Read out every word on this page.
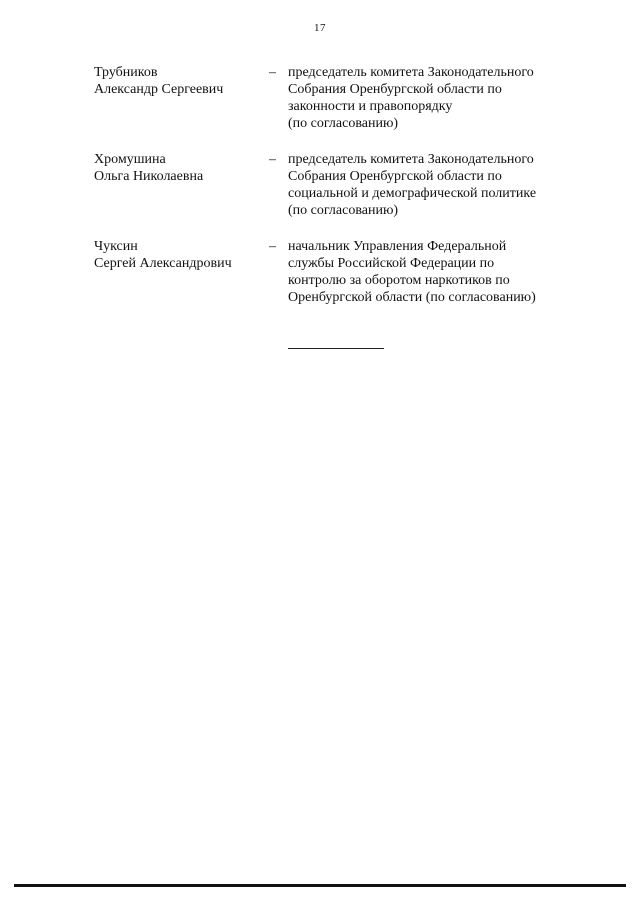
17
Трубников
Александр Сергеевич
– председатель комитета Законодательного
Собрания Оренбургской области по
законности и правопорядку
(по согласованию)
Хромушина
Ольга Николаевна
– председатель комитета Законодательного
Собрания Оренбургской области по
социальной и демографической политике
(по согласованию)
Чуксин
Сергей Александрович
– начальник Управления Федеральной
службы Российской Федерации по
контролю за оборотом наркотиков по
Оренбургской области (по согласованию)
